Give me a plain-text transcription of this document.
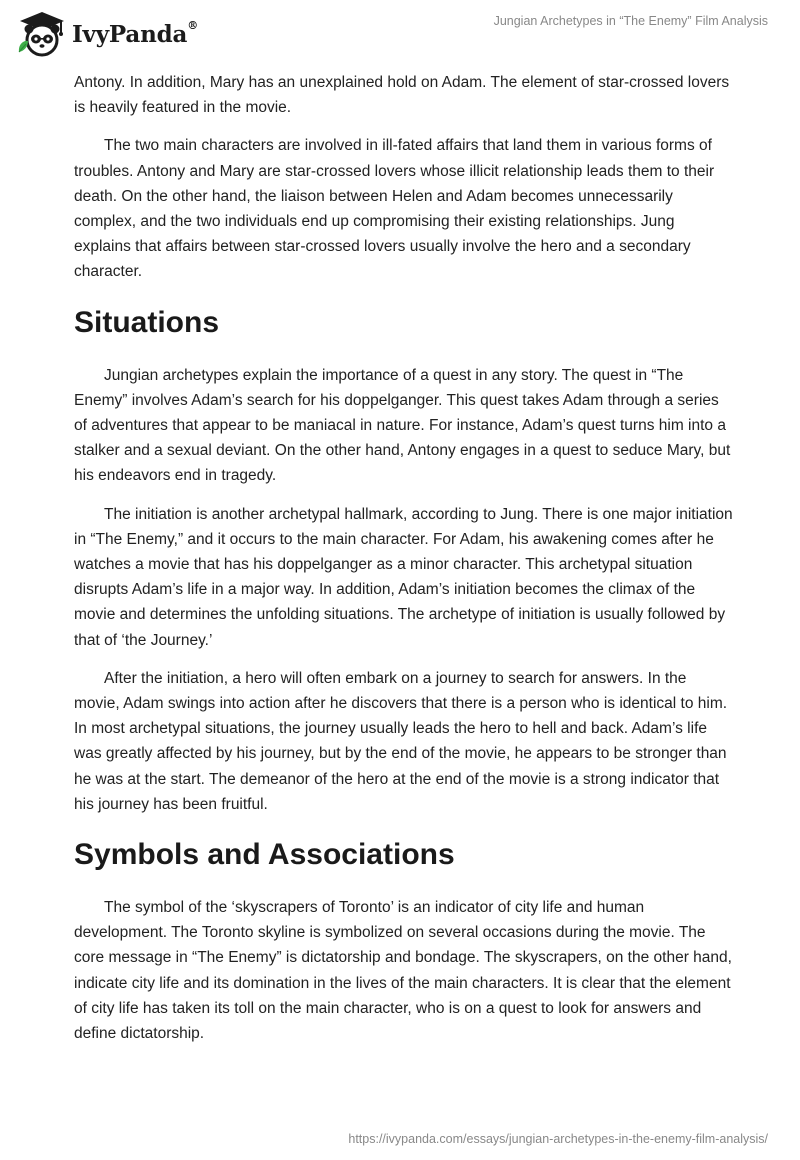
IvyPanda®	Jungian Archetypes in “The Enemy” Film Analysis

Antony. In addition, Mary has an unexplained hold on Adam. The element of star-crossed lovers is heavily featured in the movie.

The two main characters are involved in ill-fated affairs that land them in various forms of troubles. Antony and Mary are star-crossed lovers whose illicit relationship leads them to their death. On the other hand, the liaison between Helen and Adam becomes unnecessarily complex, and the two individuals end up compromising their existing relationships. Jung explains that affairs between star-crossed lovers usually involve the hero and a secondary character.

Situations

Jungian archetypes explain the importance of a quest in any story. The quest in “The Enemy” involves Adam’s search for his doppelganger. This quest takes Adam through a series of adventures that appear to be maniacal in nature. For instance, Adam’s quest turns him into a stalker and a sexual deviant. On the other hand, Antony engages in a quest to seduce Mary, but his endeavors end in tragedy.

The initiation is another archetypal hallmark, according to Jung. There is one major initiation in “The Enemy,” and it occurs to the main character. For Adam, his awakening comes after he watches a movie that has his doppelganger as a minor character. This archetypal situation disrupts Adam’s life in a major way. In addition, Adam’s initiation becomes the climax of the movie and determines the unfolding situations. The archetype of initiation is usually followed by that of ‘the Journey.’

After the initiation, a hero will often embark on a journey to search for answers. In the movie, Adam swings into action after he discovers that there is a person who is identical to him. In most archetypal situations, the journey usually leads the hero to hell and back. Adam’s life was greatly affected by his journey, but by the end of the movie, he appears to be stronger than he was at the start. The demeanor of the hero at the end of the movie is a strong indicator that his journey has been fruitful.

Symbols and Associations

The symbol of the ‘skyscrapers of Toronto’ is an indicator of city life and human development. The Toronto skyline is symbolized on several occasions during the movie. The core message in “The Enemy” is dictatorship and bondage. The skyscrapers, on the other hand, indicate city life and its domination in the lives of the main characters. It is clear that the element of city life has taken its toll on the main character, who is on a quest to look for answers and define dictatorship.

https://ivypanda.com/essays/jungian-archetypes-in-the-enemy-film-analysis/
